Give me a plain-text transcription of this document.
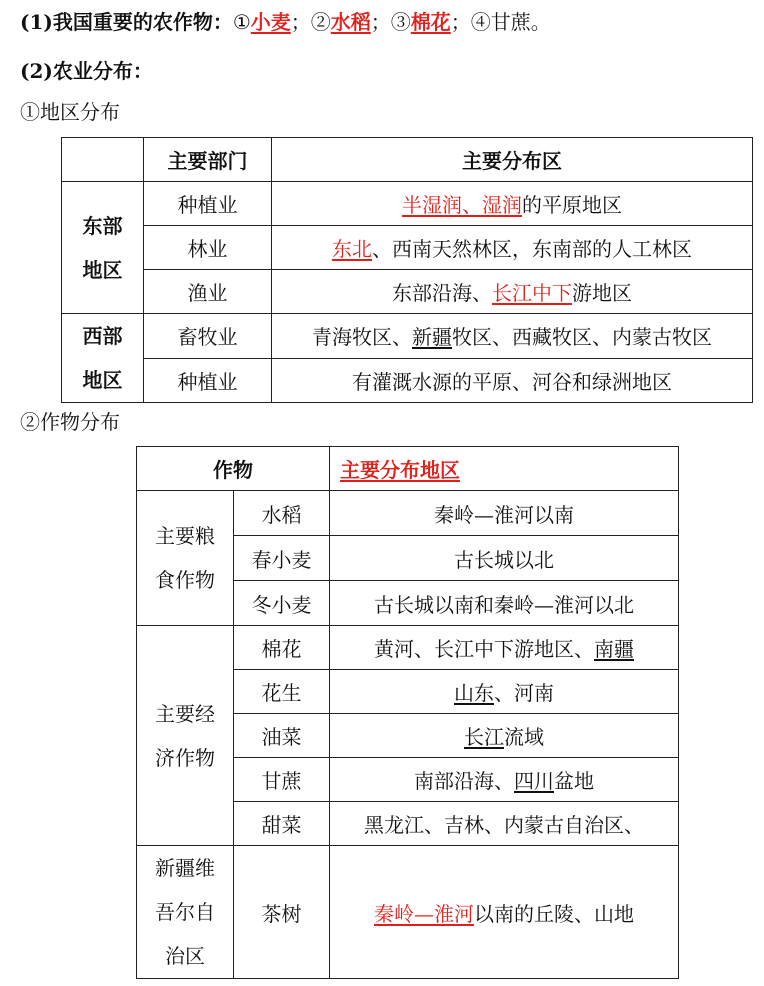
(1)我国重要的农作物：①小麦；②水稻；③棉花；④甘蔗。
(2)农业分布：
①地区分布
	主要部门	主要分布区

东部
地区	种植业	半湿润、湿润的平原地区
	林业	东北、西南天然林区，东南部的人工林区
	渔业	东部沿海、长江中下游地区

西部
地区	畜牧业	青海牧区、新疆牧区、西藏牧区、内蒙古牧区
	种植业	有灌溉水源的平原、河谷和绿洲地区
②作物分布
作物		主要分布地区

主要粮
食作物	水稻	秦岭—淮河以南
	春小麦	古长城以北
	冬小麦	古长城以南和秦岭—淮河以北

主要经
济作物	棉花	黄河、长江中下游地区、南疆
	花生	山东、河南
	油菜	长江流域
	甘蔗	南部沿海、四川盆地
	甜菜	黑龙江、吉林、内蒙古自治区、

新疆维
吾尔自
治区	茶树	秦岭—淮河以南的丘陵、山地
